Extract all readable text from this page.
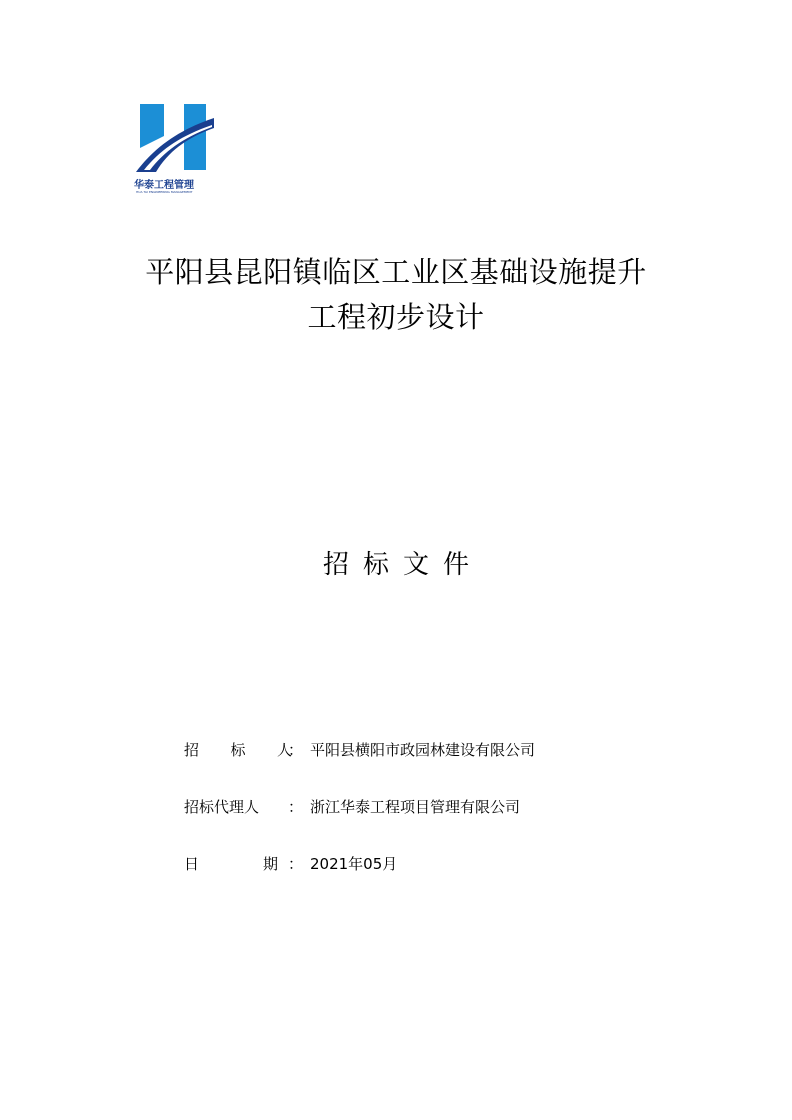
华泰工程管理
HUA TAI ENGINEERING MANAGEMENT
平阳县昆阳镇临区工业区基础设施提升
工程初步设计
招标文件
招 标 人
： 平阳县横阳市政园林建设有限公司
招标代理人	： 浙江华泰工程项目管理有限公司
日	期 ： 2021年05月
